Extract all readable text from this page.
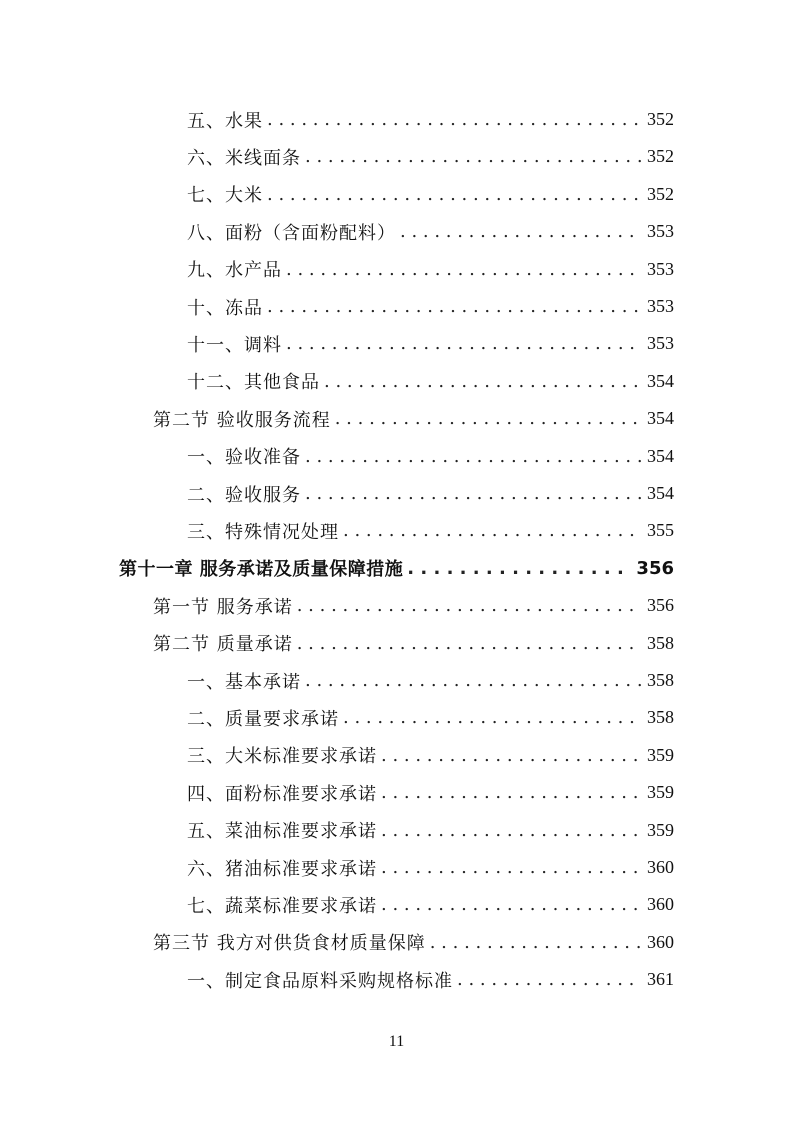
五、水果 . . .	352
六、米线面条 . . .	352
七、大米 . . .	352
八、面粉（含面粉配料） . . .	353
九、水产品 . . .	353
十、冻品 . . .	353
十一、调料 . . .	353
十二、其他食品 . . .	354
第二节 验收服务流程 . . .	354
一、验收准备 . . .	354
二、验收服务 . . .	354
三、特殊情况处理 . . .	355
第十一章 服务承诺及质量保障措施 . . .	356
第一节 服务承诺 . . .	356
第二节 质量承诺 . . .	358
一、基本承诺 . . .	358
二、质量要求承诺 . . .	358
三、大米标准要求承诺 . . .	359
四、面粉标准要求承诺 . . .	359
五、菜油标准要求承诺 . . .	359
六、猪油标准要求承诺 . . .	360
七、蔬菜标准要求承诺 . . .	360
第三节 我方对供货食材质量保障 . . .	360
一、制定食品原料采购规格标准 . . .	361
11
